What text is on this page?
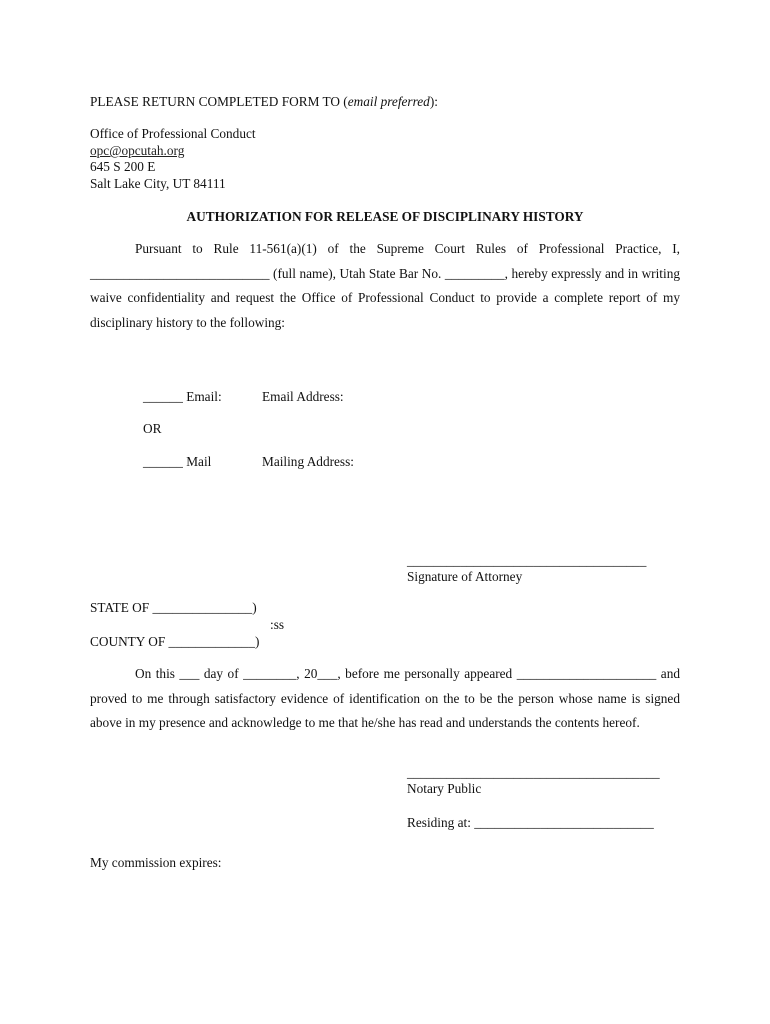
PLEASE RETURN COMPLETED FORM TO (email preferred):
Office of Professional Conduct
opc@opcutah.org
645 S 200 E
Salt Lake City, UT 84111
AUTHORIZATION FOR RELEASE OF DISCIPLINARY HISTORY
Pursuant to Rule 11-561(a)(1) of the Supreme Court Rules of Professional Practice, I, ___________________________ (full name), Utah State Bar No. _________, hereby expressly and in writing waive confidentiality and request the Office of Professional Conduct to provide a complete report of my disciplinary history to the following:
______ Email:	Email Address:
OR
______ Mail	Mailing Address:
____________________________________
Signature of Attorney
STATE OF _______________)
:ss
COUNTY OF _____________)
On this ___ day of ________, 20___, before me personally appeared _____________________ and proved to me through satisfactory evidence of identification on the to be the person whose name is signed above in my presence and acknowledge to me that he/she has read and understands the contents hereof.
______________________________________
Notary Public
Residing at: ___________________________
My commission expires:
